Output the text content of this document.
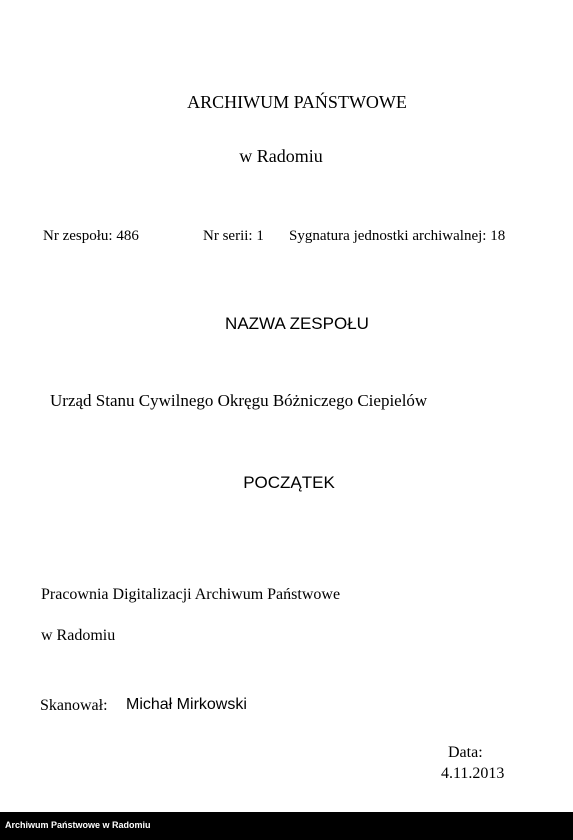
ARCHIWUM PAŃSTWOWE
w Radomiu
Nr zespołu: 486	Nr serii: 1 Sygnatura jednostki archiwalnej: 18
NAZWA ZESPOŁU
Urząd Stanu Cywilnego Okręgu Bóżniczego Ciepielów
POCZĄTEK
Pracownia Digitalizacji Archiwum Państwowe
w Radomiu
Skanował: Michał Mirkowski
Data:
4.11.2013
Archiwum Państwowe w Radomiu
